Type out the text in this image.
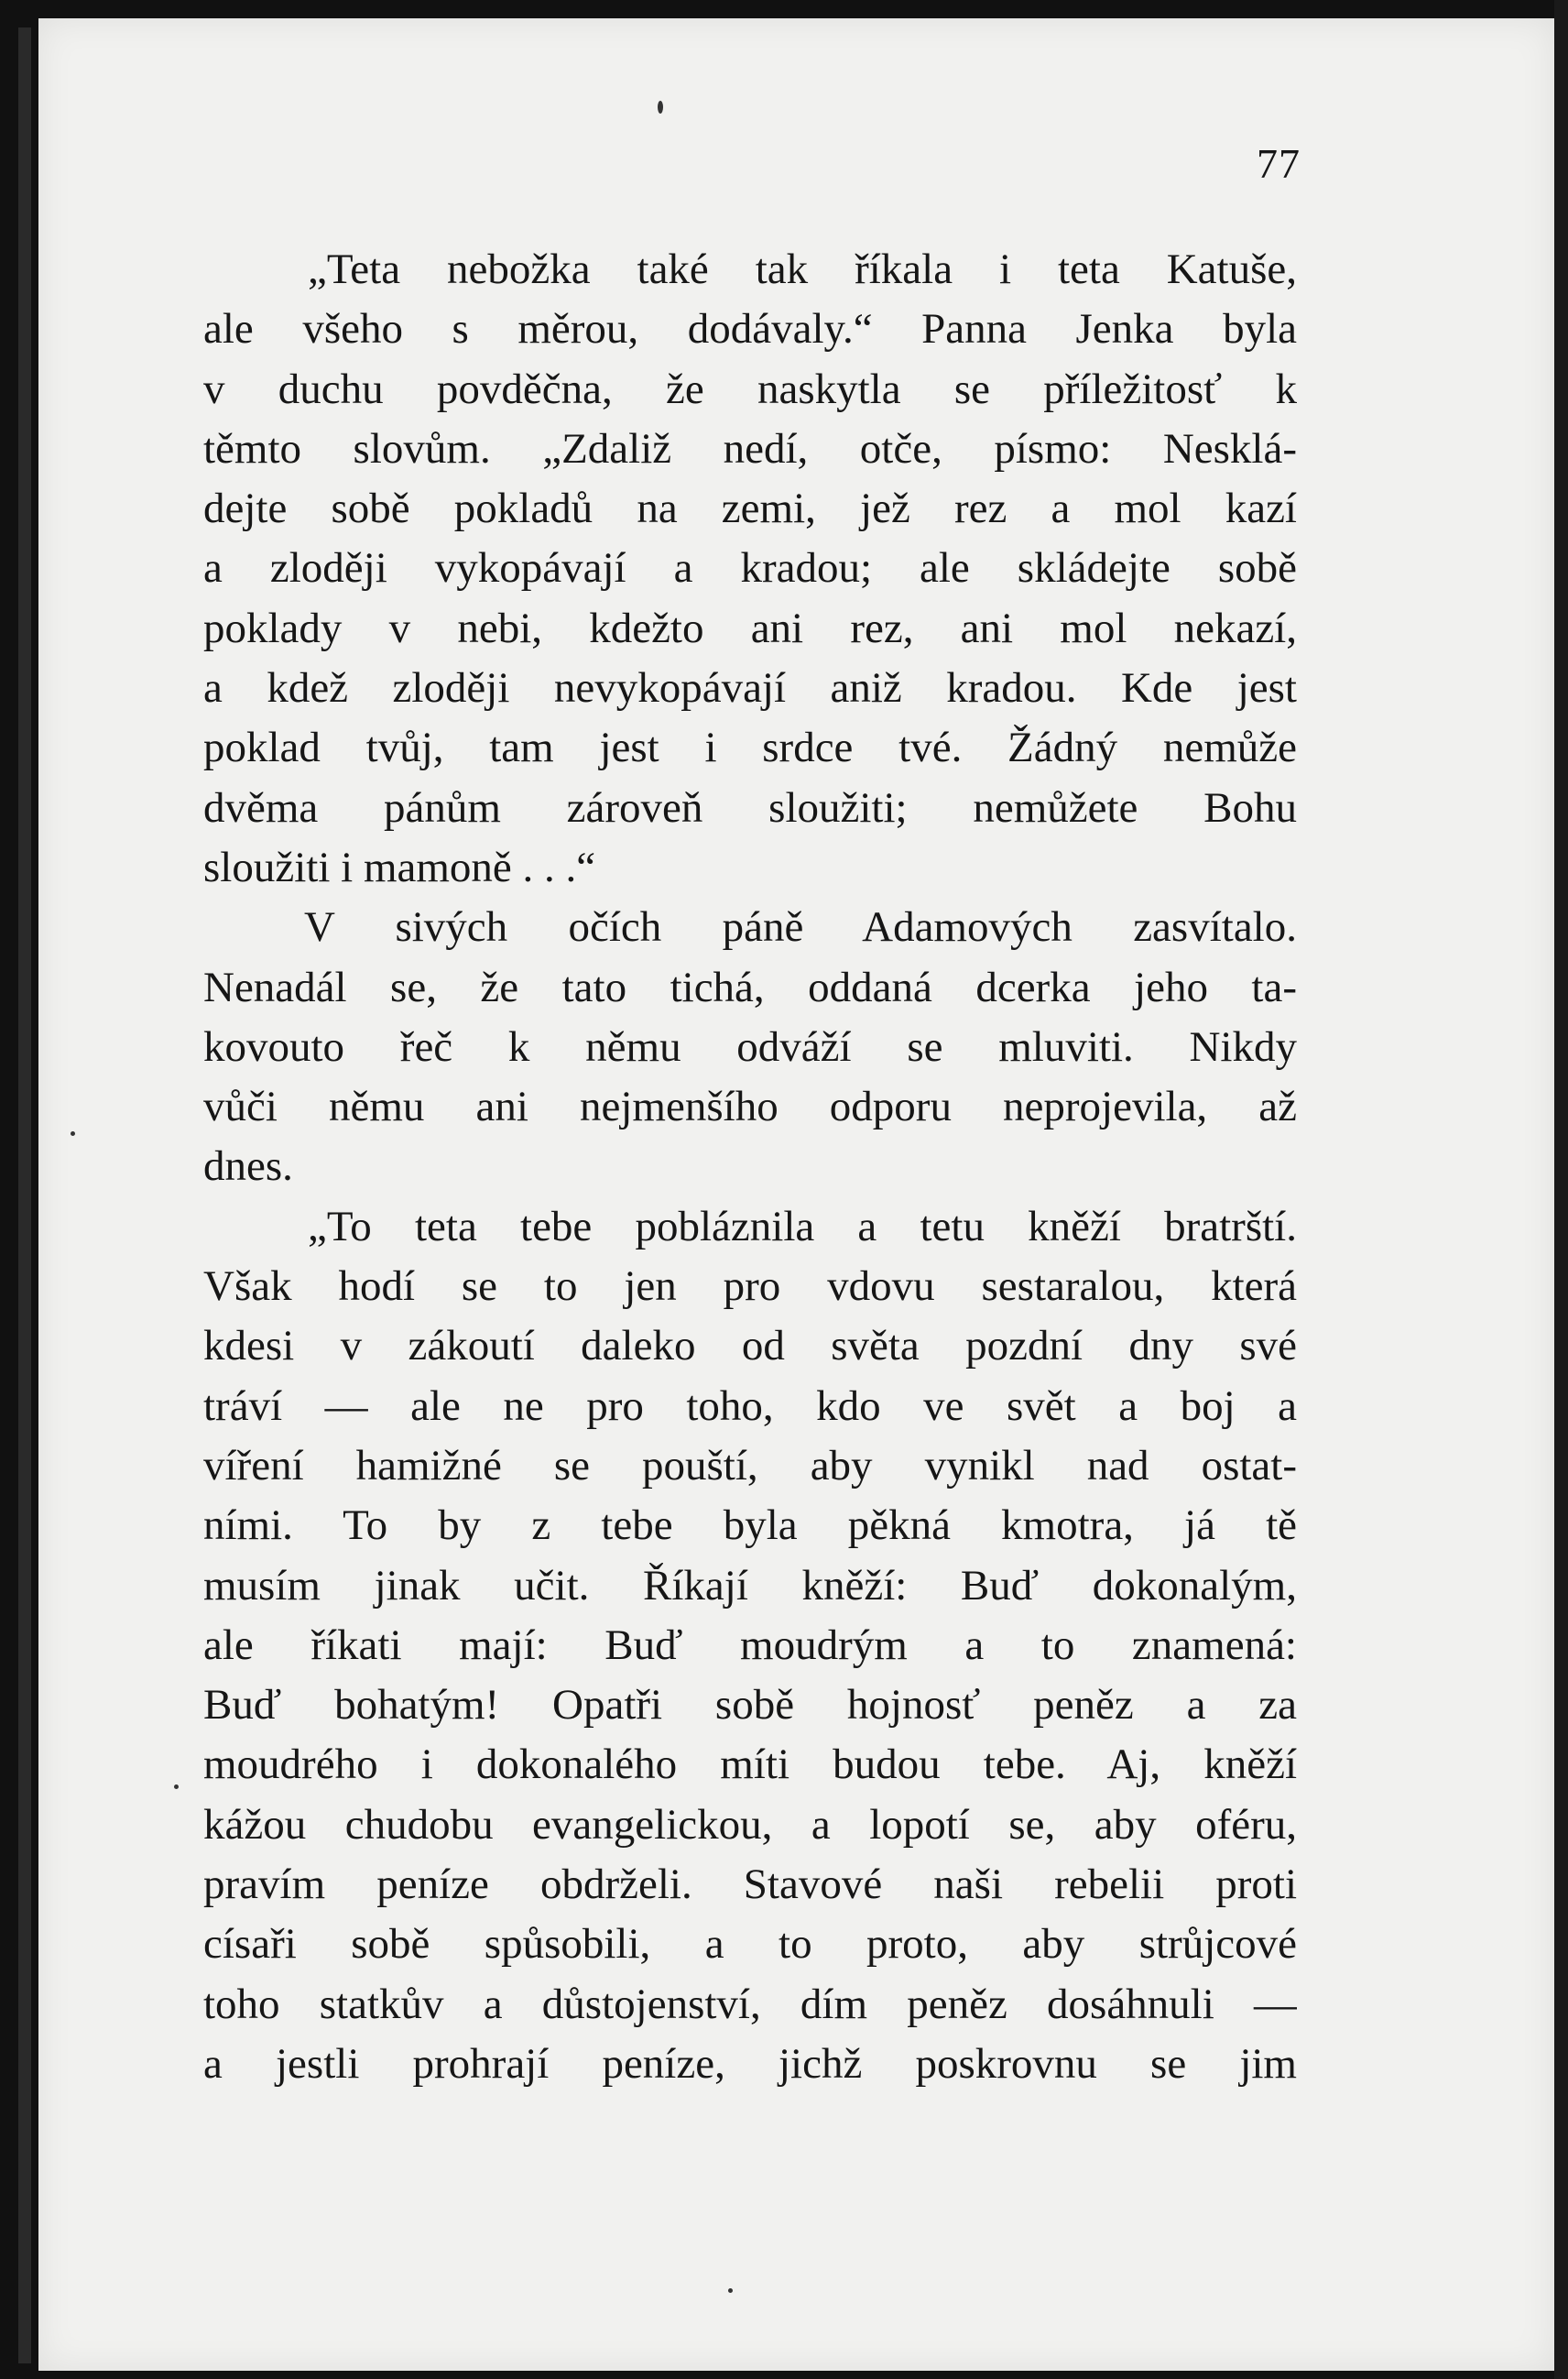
77
„Teta nebožka také tak říkala i teta Katuše,
ale všeho s měrou, dodávaly.“ Panna Jenka byla
v duchu povděčna, že naskytla se příležitosť k
těmto slovům. „Zdaliž nedí, otče, písmo: Nesklá-
dejte sobě pokladů na zemi, jež rez a mol kazí
a zloději vykopávají a kradou; ale skládejte sobě
poklady v nebi, kdežto ani rez, ani mol nekazí,
a kdež zloději nevykopávají aniž kradou. Kde jest
poklad tvůj, tam jest i srdce tvé. Žádný nemůže
dvěma pánům zároveň sloužiti; nemůžete Bohu
sloužiti i mamoně . . .“
V sivých očích páně Adamových zasvítalo.
Nenadál se, že tato tichá, oddaná dcerka jeho ta-
kovouto řeč k němu odváží se mluviti. Nikdy
vůči němu ani nejmenšího odporu neprojevila, až
dnes.
„To teta tebe pobláznila a tetu kněží bratrští.
Však hodí se to jen pro vdovu sestaralou, která
kdesi v zákoutí daleko od světa pozdní dny své
tráví — ale ne pro toho, kdo ve svět a boj a
víření hamižné se pouští, aby vynikl nad ostat-
ními. To by z tebe byla pěkná kmotra, já tě
musím jinak učit. Říkají kněží: Buď dokonalým,
ale říkati mají: Buď moudrým a to znamená:
Buď bohatým! Opatři sobě hojnosť peněz a za
moudrého i dokonalého míti budou tebe. Aj, kněží
kážou chudobu evangelickou, a lopotí se, aby oféru,
pravím peníze obdrželi. Stavové naši rebelii proti
císaři sobě spůsobili, a to proto, aby strůjcové
toho statkův a důstojenství, dím peněz dosáhnuli —
a jestli prohrají peníze, jichž poskrovnu se jim
